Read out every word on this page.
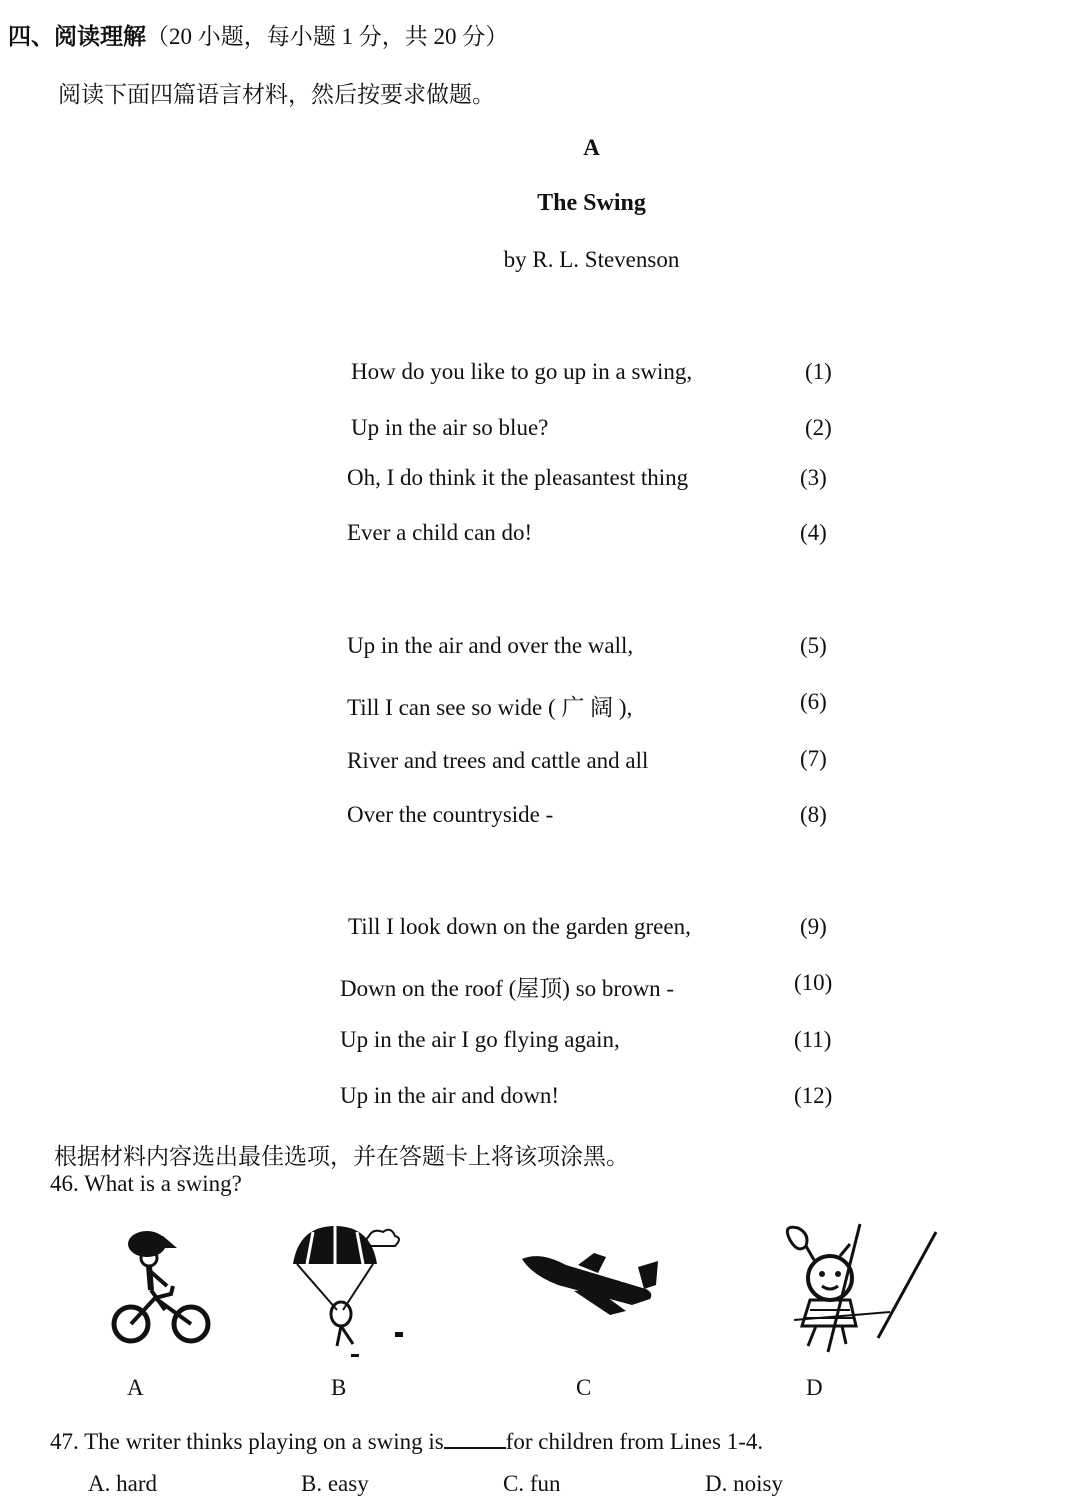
四、阅读理解（20 小题，每小题 1 分，共 20 分）
阅读下面四篇语言材料，然后按要求做题。
A
The Swing
by R. L. Stevenson
How do you like to go up in a swing,	(1)
Up in the air so blue?	(2)
Oh, I do think it the pleasantest thing	(3)
Ever a child can do!	(4)
Up in the air and over the wall,	(5)
Till I can see so wide ( 广 阔 ),	(6)
River and trees and cattle and all	(7)
Over the countryside -	(8)
Till I look down on the garden green,	(9)
Down on the roof (屋顶) so brown -	(10)
Up in the air I go flying again,	(11)
Up in the air and down!	(12)
根据材料内容选出最佳选项，并在答题卡上将该项涂黑。
46. What is a swing?
A	B	C	D
47. The writer thinks playing on a swing is	for children from Lines 1-4.
A. hard	B. easy	C. fun	D. noisy
